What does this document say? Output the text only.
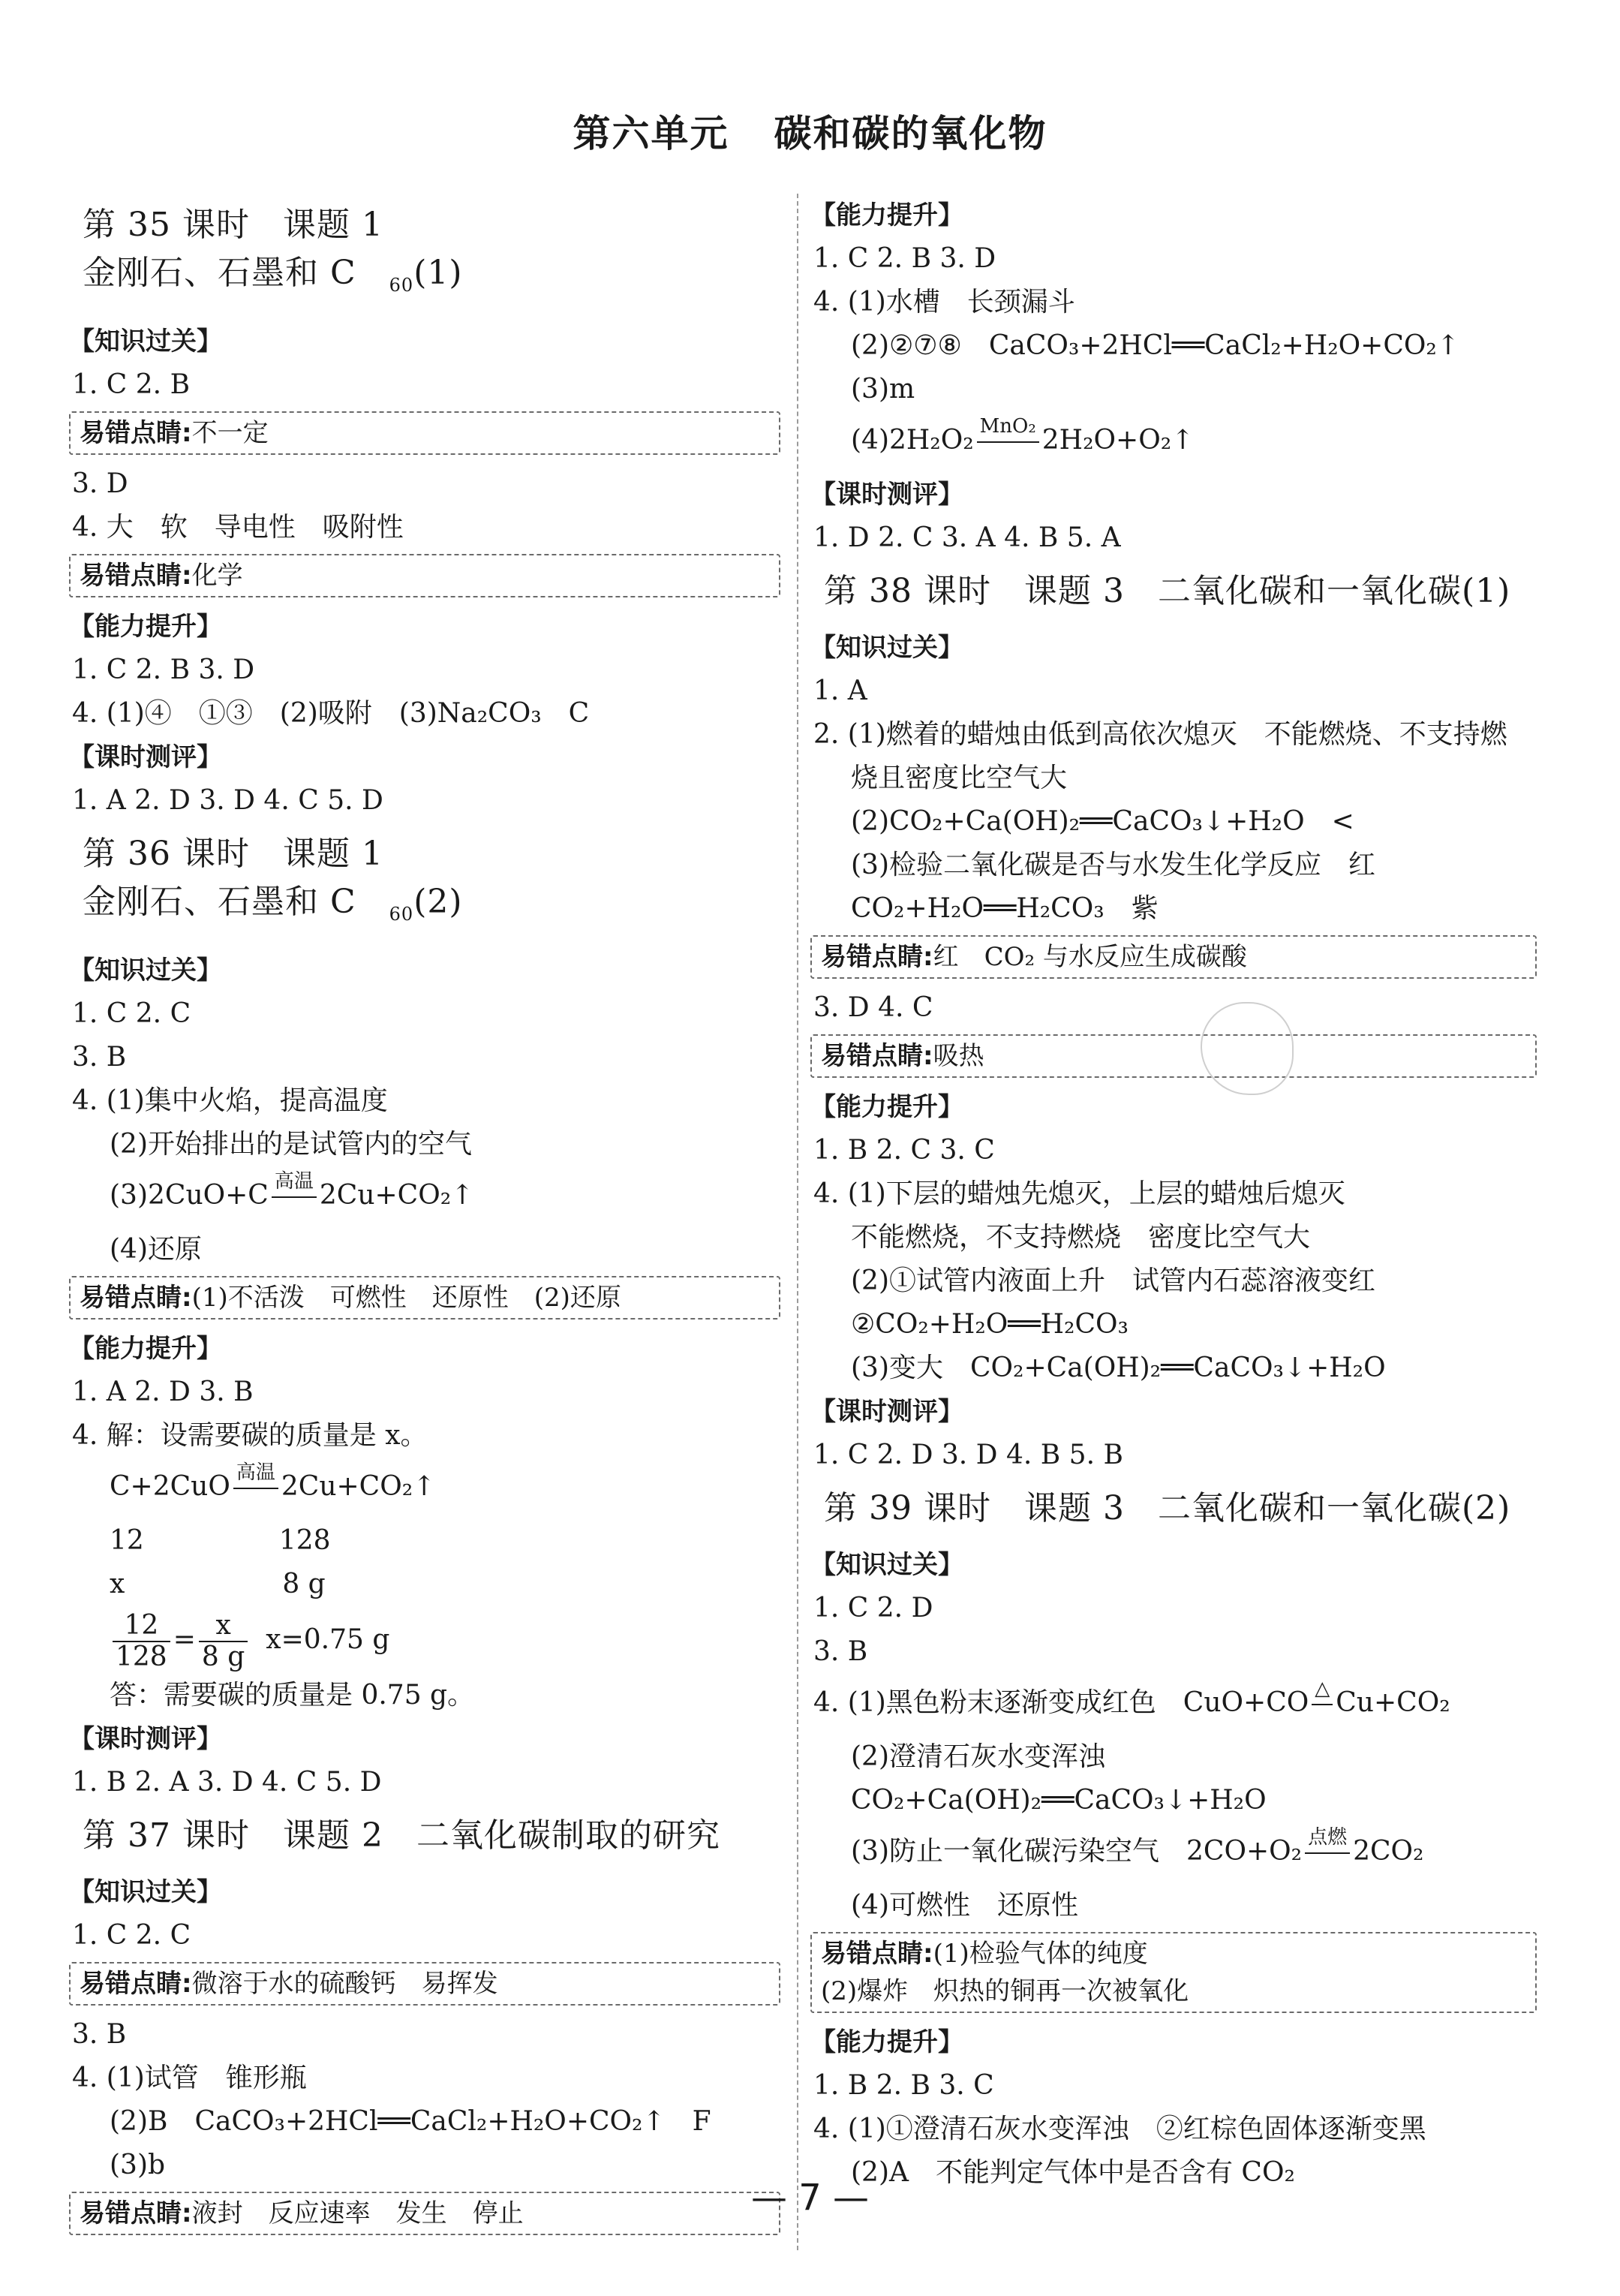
第六单元 碳和碳的氧化物
第 35 课时 课题 1金刚石、石墨和 C $_{60}$(1)
【知识过关】
1. C 2. B
易错点睛:不一定
3. D
4. 大　软　导电性　吸附性
易错点睛:化学
【能力提升】
1. C 2. B 3. D
4. (1)④　①③　(2)吸附　(3)Na₂CO₃　C
【课时测评】
1. A 2. D 3. D 4. C 5. D
第 36 课时 课题 1金刚石、石墨和 C $_{60}$(2)
【知识过关】
1. C 2. C
3. B
4. (1)集中火焰，提高温度
(2)开始排出的是试管内的空气
(3)2CuO+C 高温
2Cu+CO₂↑
(4)还原
易错点睛:(1)不活泼　可燃性　还原性　(2)还原
【能力提升】
1. A 2. D 3. B
4. 解：设需要碳的质量是 x。
C+2CuO 高温
2Cu+CO₂↑
12	128
x	8 g
$\frac{12}{128} = \frac{x}{8 g} x=0.75$ g
答：需要碳的质量是 0.75 g。
【课时测评】
1. B 2. A 3. D 4. C 5. D
第 37 课时 课题 2 二氧化碳制取的研究
【知识过关】
1. C 2. C
易错点睛:微溶于水的硫酸钙　易挥发
3. B
4. (1)试管　锥形瓶
(2)B　CaCO₃+2HCl══CaCl₂+H₂O+CO₂↑　F
(3)b
易错点睛:液封　反应速率　发生　停止
【能力提升】
1. C 2. B 3. D
4. (1)水槽　长颈漏斗
(2)②⑦⑧　CaCO₃+2HCl══CaCl₂+H₂O+CO₂↑
(3)m
(4)2H₂O₂ MnO₂
2H₂O+O₂↑
【课时测评】
1. D 2. C 3. A 4. B 5. A
第 38 课时 课题 3 二氧化碳和一氧化碳(1)
【知识过关】
1. A
2. (1)燃着的蜡烛由低到高依次熄灭　不能燃烧、不支持燃
烧且密度比空气大
(2)CO₂+Ca(OH)₂══CaCO₃↓+H₂O　<
(3)检验二氧化碳是否与水发生化学反应　红
CO₂+H₂O══H₂CO₃　紫
易错点睛:红　CO₂ 与水反应生成碳酸
3. D 4. C
易错点睛:吸热
【能力提升】
1. B 2. C 3. C
4. (1)下层的蜡烛先熄灭，上层的蜡烛后熄灭
不能燃烧，不支持燃烧　密度比空气大
(2)①试管内液面上升　试管内石蕊溶液变红
②CO₂+H₂O══H₂CO₃
(3)变大　CO₂+Ca(OH)₂══CaCO₃↓+H₂O
【课时测评】
1. C 2. D 3. D 4. B 5. B
第 39 课时 课题 3 二氧化碳和一氧化碳(2)
【知识过关】
1. C 2. D
3. B
4. (1)黑色粉末逐渐变成红色　CuO+CO △
Cu+CO₂
(2)澄清石灰水变浑浊
CO₂+Ca(OH)₂══CaCO₃↓+H₂O
(3)防止一氧化碳污染空气　2CO+O₂ 点燃
2CO₂
(4)可燃性　还原性
易错点睛:(1)检验气体的纯度
(2)爆炸　炽热的铜再一次被氧化
【能力提升】
1. B 2. B 3. C
4. (1)①澄清石灰水变浑浊　②红棕色固体逐渐变黑
(2)A　不能判定气体中是否含有 CO₂
— 7 —
